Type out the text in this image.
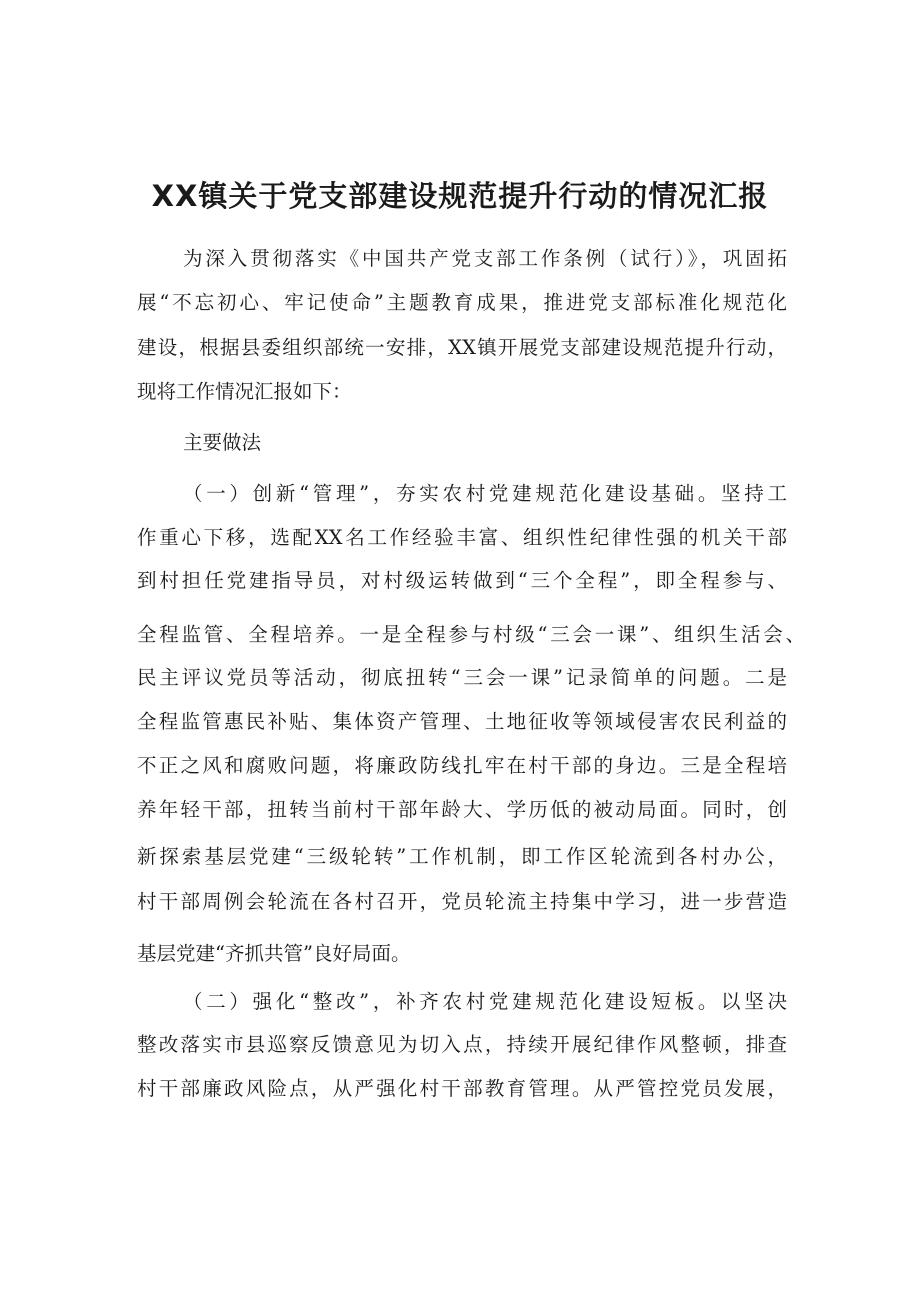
XX镇关于党支部建设规范提升行动的情况汇报

为深入贯彻落实《中国共产党支部工作条例（试行）》，巩固拓

展“不忘初心、牢记使命”主题教育成果，推进党支部标准化规范化

建设，根据县委组织部统一安排，XX镇开展党支部建设规范提升行动，

现将工作情况汇报如下：

主要做法

（一）创新“管理”，夯实农村党建规范化建设基础。坚持工

作重心下移，选配XX名工作经验丰富、组织性纪律性强的机关干部

到村担任党建指导员，对村级运转做到“三个全程”，即全程参与、

全程监管、全程培养。一是全程参与村级“三会一课”、组织生活会、

民主评议党员等活动，彻底扭转“三会一课”记录简单的问题。二是

全程监管惠民补贴、集体资产管理、土地征收等领域侵害农民利益的

不正之风和腐败问题，将廉政防线扎牢在村干部的身边。三是全程培

养年轻干部，扭转当前村干部年龄大、学历低的被动局面。同时，创

新探索基层党建“三级轮转”工作机制，即工作区轮流到各村办公，

村干部周例会轮流在各村召开，党员轮流主持集中学习，进一步营造

基层党建“齐抓共管”良好局面。

（二）强化“整改”，补齐农村党建规范化建设短板。以坚决

整改落实市县巡察反馈意见为切入点，持续开展纪律作风整顿，排查

村干部廉政风险点，从严强化村干部教育管理。从严管控党员发展，
